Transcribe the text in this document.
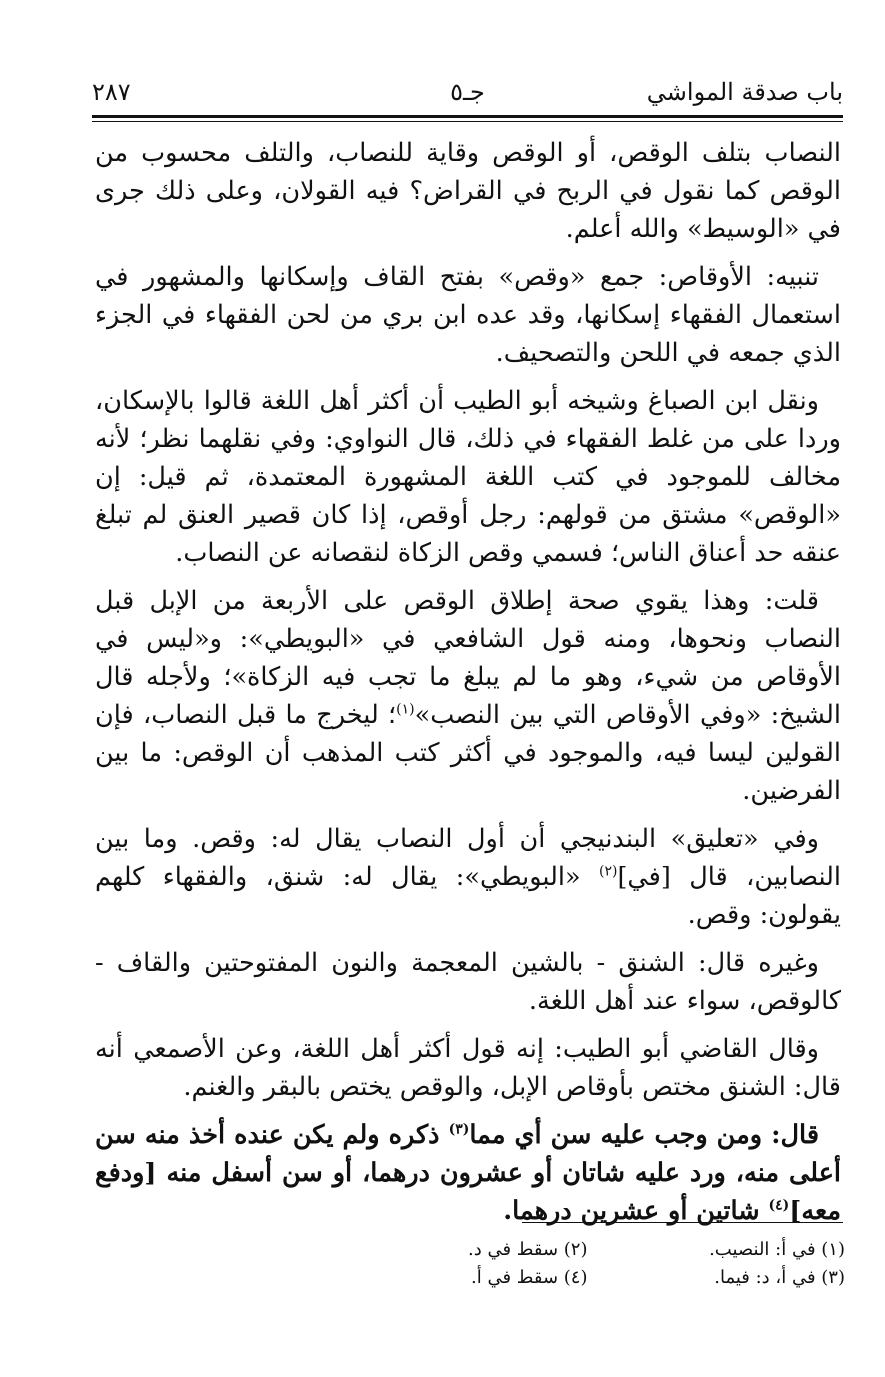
باب صدقة المواشي
جـ٥
٢٨٧

النصاب بتلف الوقص، أو الوقص وقاية للنصاب، والتلف محسوب من الوقص كما نقول في الربح في القراض؟ فيه القولان، وعلى ذلك جرى في «الوسيط» والله أعلم.

تنبيه: الأوقاص: جمع «وقص» بفتح القاف وإسكانها والمشهور في استعمال الفقهاء إسكانها، وقد عده ابن بري من لحن الفقهاء في الجزء الذي جمعه في اللحن والتصحيف.

ونقل ابن الصباغ وشيخه أبو الطيب أن أكثر أهل اللغة قالوا بالإسكان، وردا على من غلط الفقهاء في ذلك، قال النواوي: وفي نقلهما نظر؛ لأنه مخالف للموجود في كتب اللغة المشهورة المعتمدة، ثم قيل: إن «الوقص» مشتق من قولهم: رجل أوقص، إذا كان قصير العنق لم تبلغ عنقه حد أعناق الناس؛ فسمي وقص الزكاة لنقصانه عن النصاب.

قلت: وهذا يقوي صحة إطلاق الوقص على الأربعة من الإبل قبل النصاب ونحوها، ومنه قول الشافعي في «البويطي»: و«ليس في الأوقاص من شيء، وهو ما لم يبلغ ما تجب فيه الزكاة»؛ ولأجله قال الشيخ: «وفي الأوقاص التي بين النصب»$^{(١)}$؛ ليخرج ما قبل النصاب، فإن القولين ليسا فيه، والموجود في أكثر كتب المذهب أن الوقص: ما بين الفرضين.

وفي «تعليق» البندنيجي أن أول النصاب يقال له: وقص. وما بين النصابين، قال [في]$^{(٢)}$ «البويطي»: يقال له: شنق، والفقهاء كلهم يقولون: وقص.

وغيره قال: الشنق - بالشين المعجمة والنون المفتوحتين والقاف - كالوقص، سواء عند أهل اللغة.

وقال القاضي أبو الطيب: إنه قول أكثر أهل اللغة، وعن الأصمعي أنه قال: الشنق مختص بأوقاص الإبل، والوقص يختص بالبقر والغنم.

قال: ومن وجب عليه سن أي مما$^{(٣)}$ ذكره ولم يكن عنده أخذ منه سن أعلى منه، ورد عليه شاتان أو عشرون درهما، أو سن أسفل منه [ودفع معه]$^{(٤)}$ شاتين أو عشرين درهما.

(١) في أ: النصيب.
(٢) سقط في د.
(٣) في أ، د: فيما.
(٤) سقط في أ.
